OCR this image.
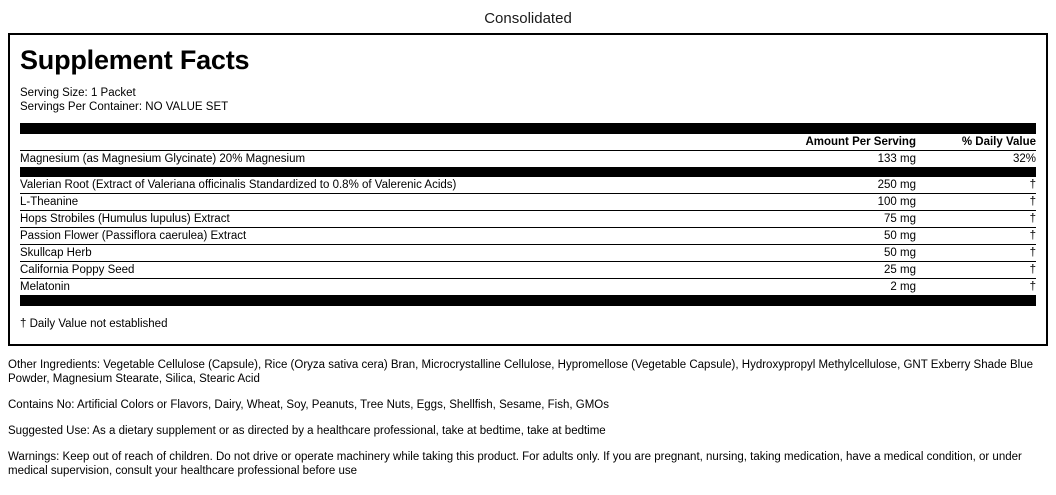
Consolidated
Supplement Facts
Serving Size: 1 Packet
Servings Per Container: NO VALUE SET
	Amount Per Serving	% Daily Value
Magnesium (as Magnesium Glycinate) 20% Magnesium	133 mg	32%
Valerian Root (Extract of Valeriana officinalis Standardized to 0.8% of Valerenic Acids)	250 mg	†
L-Theanine	100 mg	†
Hops Strobiles (Humulus lupulus) Extract	75 mg	†
Passion Flower (Passiflora caerulea) Extract	50 mg	†
Skullcap Herb	50 mg	†
California Poppy Seed	25 mg	†
Melatonin	2 mg	†
† Daily Value not established

Other Ingredients: Vegetable Cellulose (Capsule), Rice (Oryza sativa cera) Bran, Microcrystalline Cellulose, Hypromellose (Vegetable Capsule), Hydroxypropyl Methylcellulose, GNT Exberry Shade Blue Powder, Magnesium Stearate, Silica, Stearic Acid

Contains No: Artificial Colors or Flavors, Dairy, Wheat, Soy, Peanuts, Tree Nuts, Eggs, Shellfish, Sesame, Fish, GMOs

Suggested Use: As a dietary supplement or as directed by a healthcare professional, take at bedtime, take at bedtime

Warnings: Keep out of reach of children. Do not drive or operate machinery while taking this product. For adults only. If you are pregnant, nursing, taking medication, have a medical condition, or under medical supervision, consult your healthcare professional before use
